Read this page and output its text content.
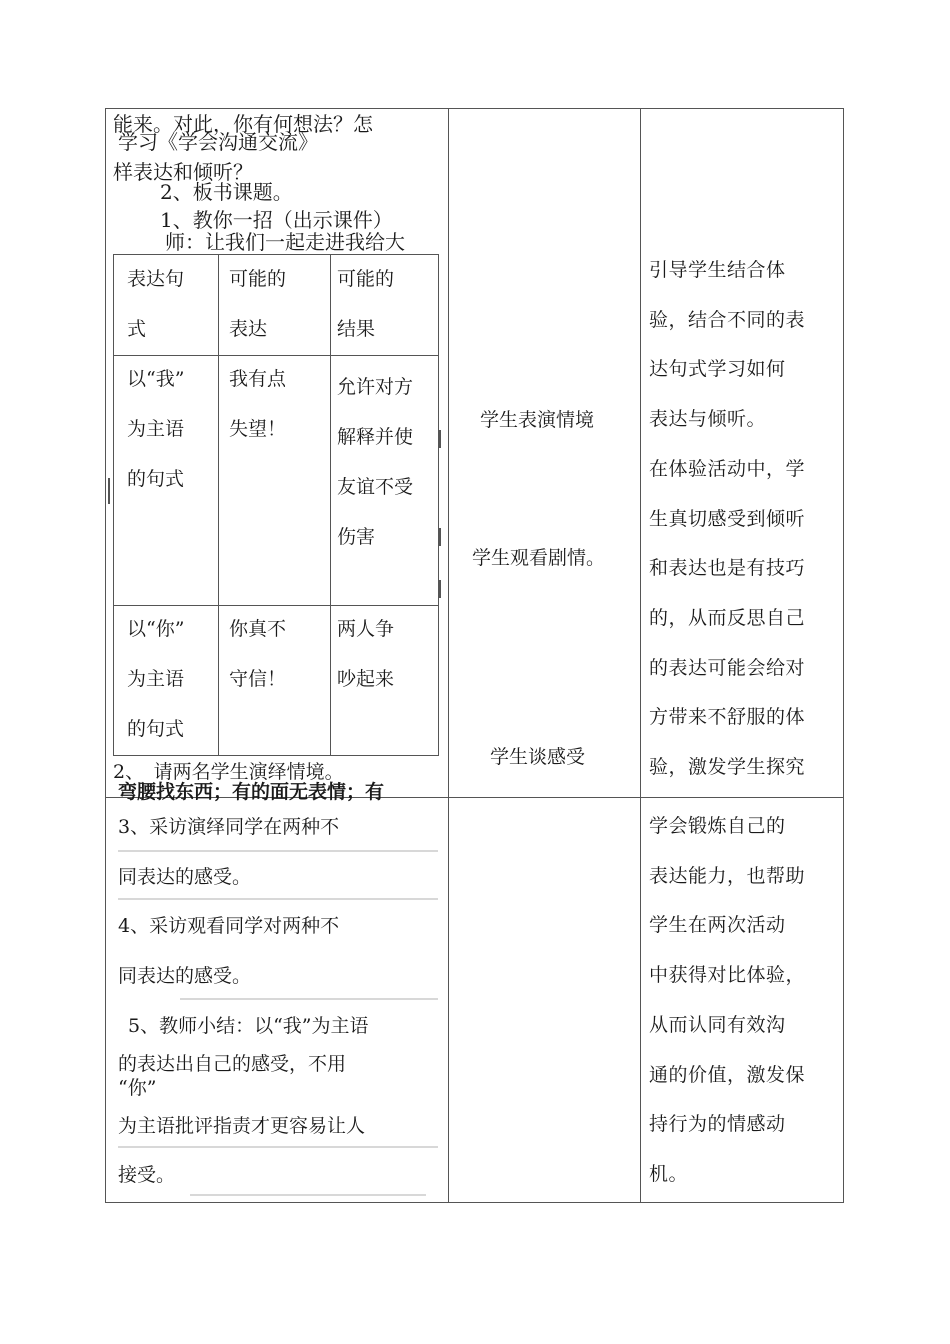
能来。对此，你有何想法？怎
学习《学会沟通交流》
样表达和倾听？
2、板书课题。
1、教你一招（出示课件）
师：让我们一起走进我给大
表达句
式
可能的
表达
可能的
结果
以“我”
为主语
的句式
我有点
失望！
允许对方
解释并使
友谊不受
伤害
以“你”
为主语
的句式
你真不
守信！
两人争
吵起来
2、　请两名学生演绎情境。
弯腰找东西；有的面无表情；有
3、采访演绎同学在两种不
同表达的感受。
4、采访观看同学对两种不
同表达的感受。
5、教师小结：以“我”为主语
的表达出自己的感受，不用
“你”
为主语批评指责才更容易让人
接受。
学生表演情境
学生观看剧情。
学生谈感受
引导学生结合体
验，结合不同的表
达句式学习如何
表达与倾听。
在体验活动中，学
生真切感受到倾听
和表达也是有技巧
的，从而反思自己
的表达可能会给对
方带来不舒服的体
验，激发学生探究
学会锻炼自己的
表达能力，也帮助
学生在两次活动
中获得对比体验，
从而认同有效沟
通的价值，激发保
持行为的情感动
机。
